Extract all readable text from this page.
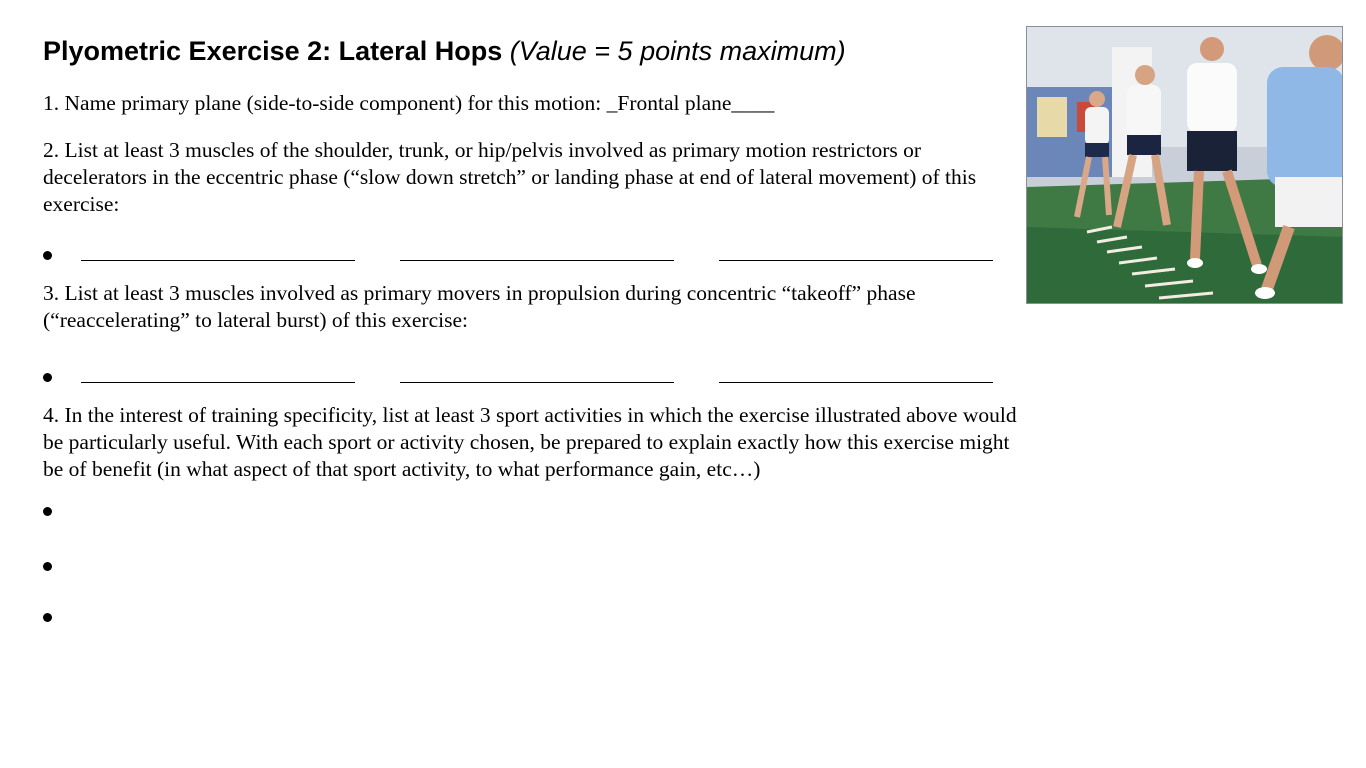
Plyometric Exercise 2: Lateral Hops (Value = 5 points maximum)
1. Name primary plane (side-to-side component) for this motion: _Frontal plane____
2. List at least 3 muscles of the shoulder, trunk, or hip/pelvis involved as primary motion restrictors or decelerators in the eccentric phase (“slow down stretch” or landing phase at end of lateral movement) of this exercise:
3. List at least 3 muscles involved as primary movers in propulsion during concentric “takeoff” phase (“reaccelerating” to lateral burst) of this exercise:
4. In the interest of training specificity, list at least 3 sport activities in which the exercise illustrated above would be particularly useful. With each sport or activity chosen, be prepared to explain exactly how this exercise might be of benefit (in what aspect of that sport activity, to what performance gain, etc…)
